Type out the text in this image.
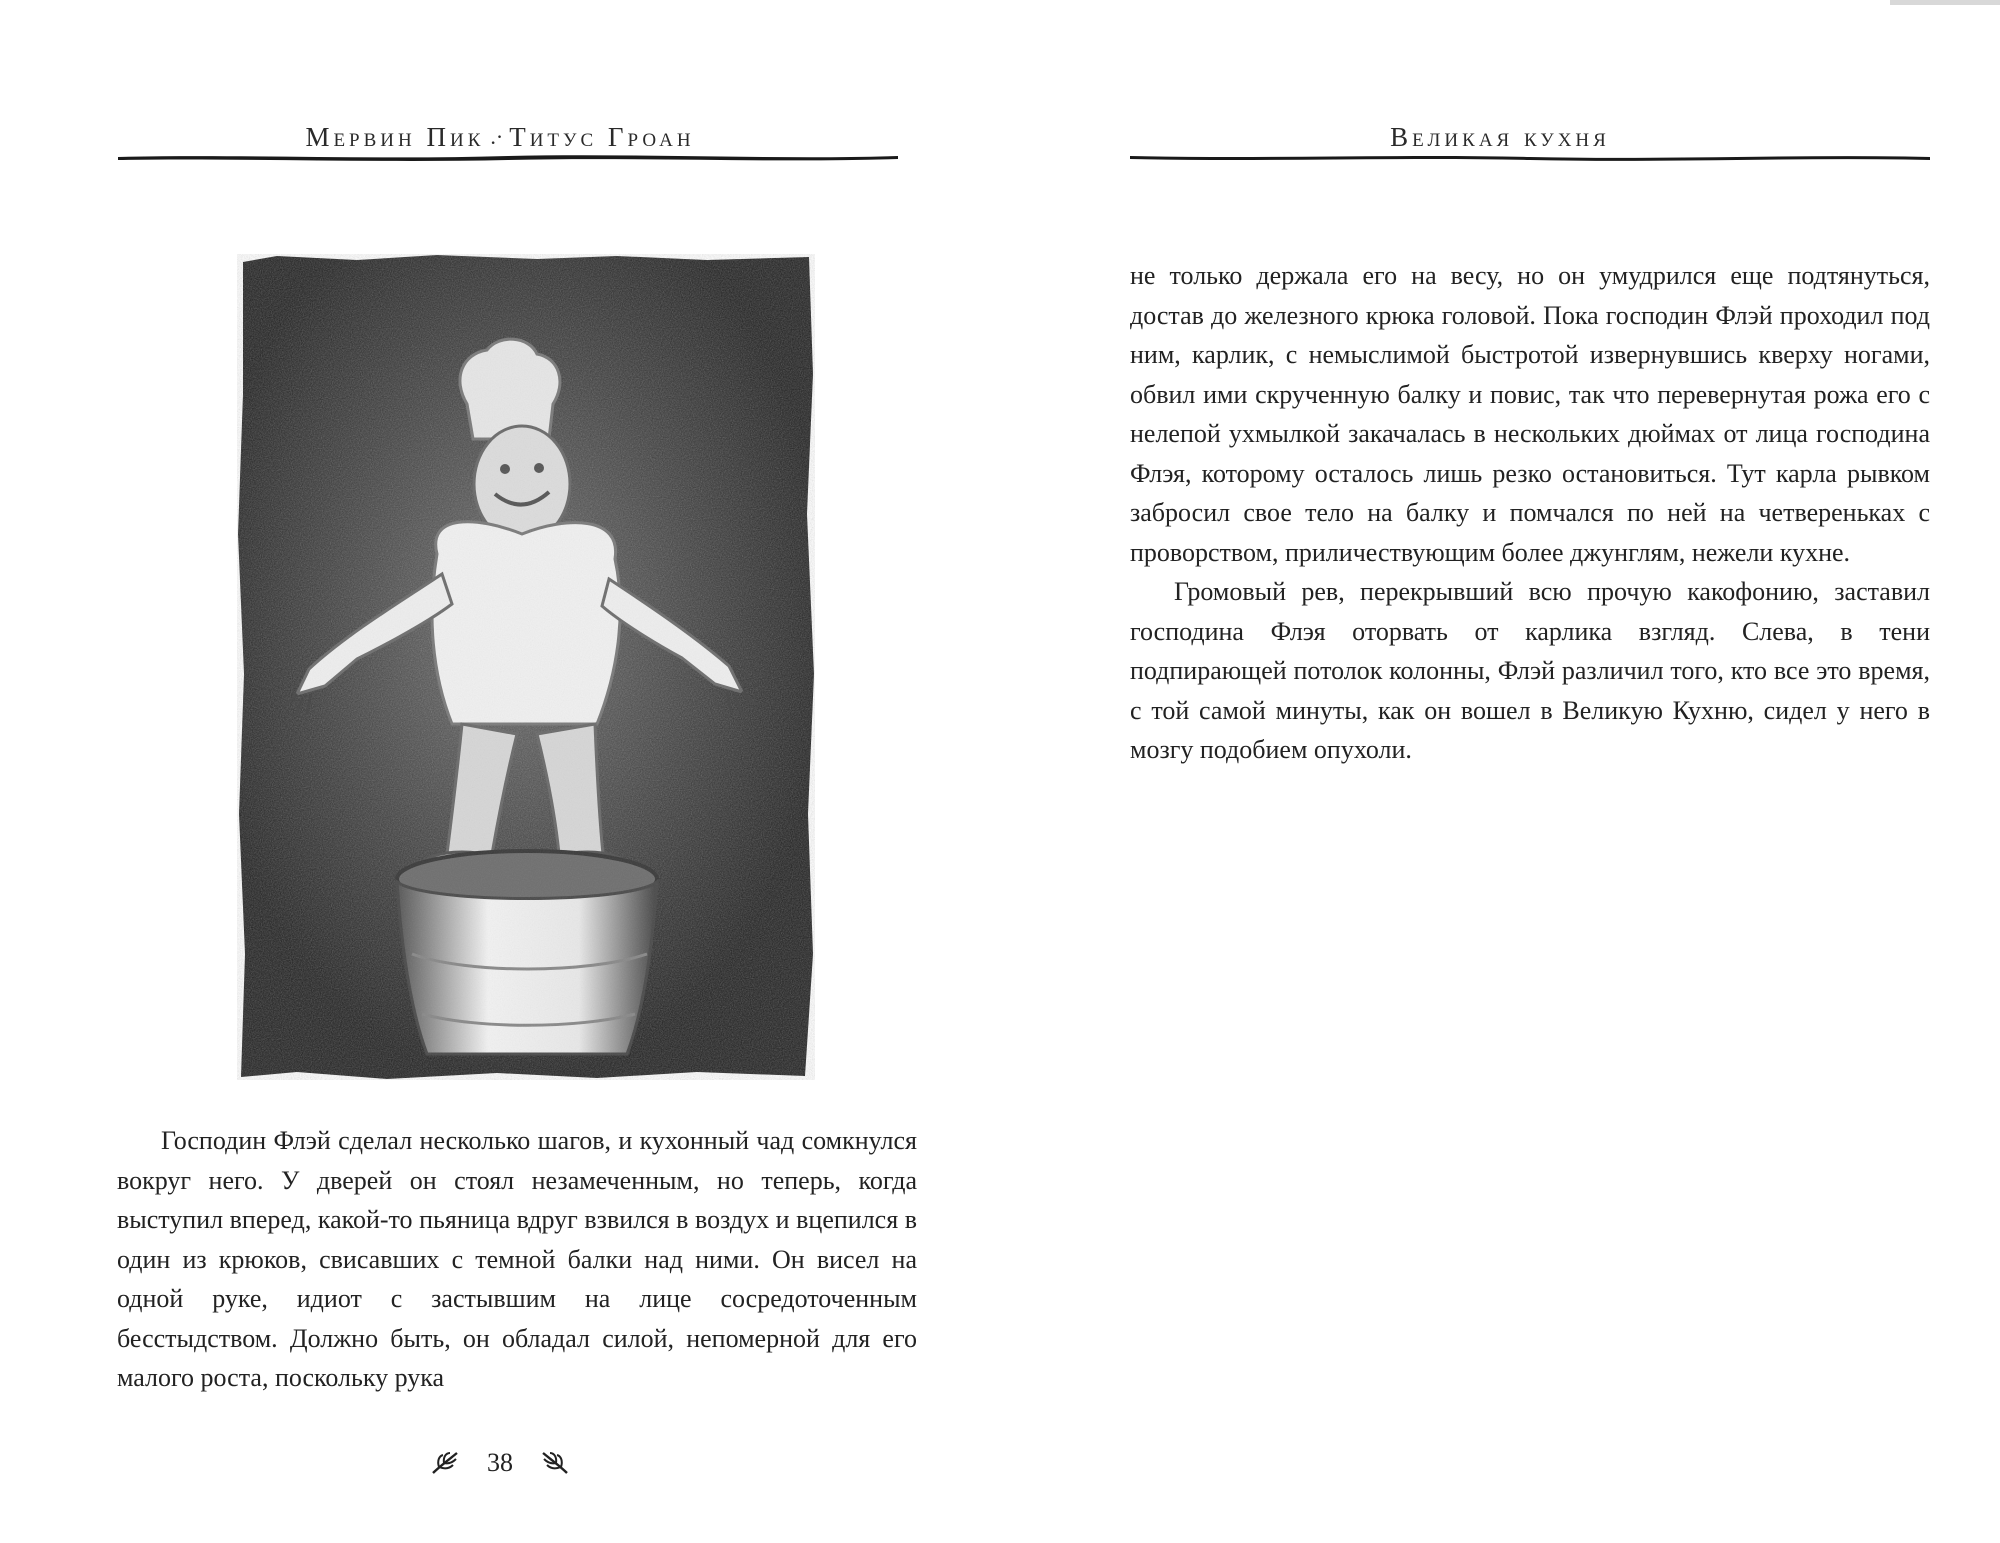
Мервин Пик .· Титус Гроан

Господин Флэй сделал несколько шагов, и кухонный чад сомкнулся вокруг него. У дверей он стоял незамеченным, но теперь, когда выступил вперед, какой-то пьяница вдруг взвился в воздух и вцепился в один из крюков, свисавших с темной балки над ними. Он висел на одной руке, идиот с застывшим на лице сосредоточенным бесстыдством. Должно быть, он обладал силой, непомерной для его малого роста, поскольку рука

38
Великая кухня

не только держала его на весу, но он умудрился еще подтянуться, достав до железного крюка головой. Пока господин Флэй проходил под ним, карлик, с немыслимой быстротой извернувшись кверху ногами, обвил ими скрученную балку и повис, так что перевернутая рожа его с нелепой ухмылкой закачалась в нескольких дюймах от лица господина Флэя, которому осталось лишь резко остановиться. Тут карла рывком забросил свое тело на балку и помчался по ней на четвереньках с проворством, приличествующим более джунглям, нежели кухне.

Громовый рев, перекрывший всю прочую какофонию, заставил господина Флэя оторвать от карлика взгляд. Слева, в тени подпирающей потолок колонны, Флэй различил того, кто все это время, с той самой минуты, как он вошел в Великую Кухню, сидел у него в мозгу подобием опухоли.
